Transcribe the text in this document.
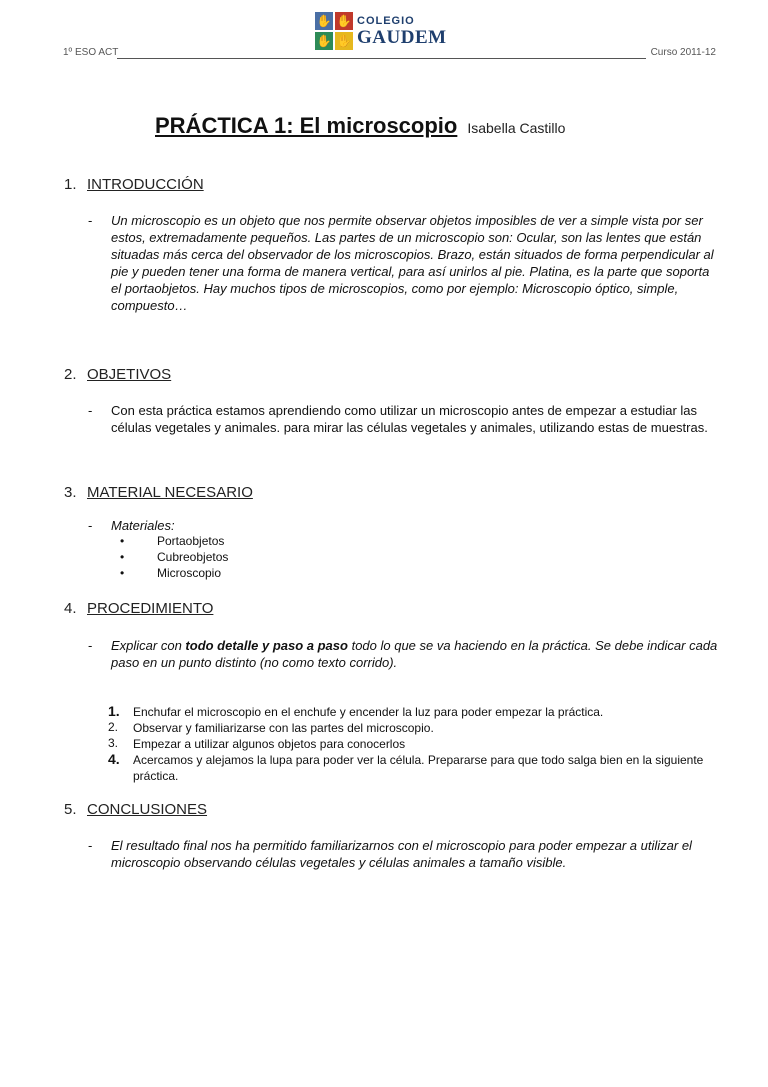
1º ESO ACT	Curso 2011-12
✋ ✋
✋ ✋
COLEGIO
GAUDEM
PRÁCTICA 1: El microscopio Isabella Castillo
1. INTRODUCCIÓN
- Un microscopio es un objeto que nos permite observar objetos imposibles de ver a simple vista por ser estos, extremadamente pequeños. Las partes de un microscopio son: Ocular, son las lentes que están situadas más cerca del observador de los microscopios. Brazo, están situados de forma perpendicular al pie y pueden tener una forma de manera vertical, para así unirlos al pie. Platina, es la parte que soporta el portaobjetos. Hay muchos tipos de microscopios, como por ejemplo: Microscopio óptico, simple, compuesto…
2. OBJETIVOS
- Con esta práctica estamos aprendiendo como utilizar un microscopio antes de empezar a estudiar las células vegetales y animales. para mirar las células vegetales y animales, utilizando estas de muestras.
3. MATERIAL NECESARIO
- Materiales:
•	Portaobjetos
•	Cubreobjetos
•	Microscopio
4. PROCEDIMIENTO
- Explicar con todo detalle y paso a paso todo lo que se va haciendo en la práctica. Se debe indicar cada paso en un punto distinto (no como texto corrido).
1. Enchufar el microscopio en el enchufe y encender la luz para poder empezar la práctica.
2. Observar y familiarizarse con las partes del microscopio.
3. Empezar a utilizar algunos objetos para conocerlos
4. Acercamos y alejamos la lupa para poder ver la célula. Prepararse para que todo salga bien en la siguiente práctica.
5. CONCLUSIONES
- El resultado final nos ha permitido familiarizarnos con el microscopio para poder empezar a utilizar el microscopio observando células vegetales y células animales a tamaño visible.
